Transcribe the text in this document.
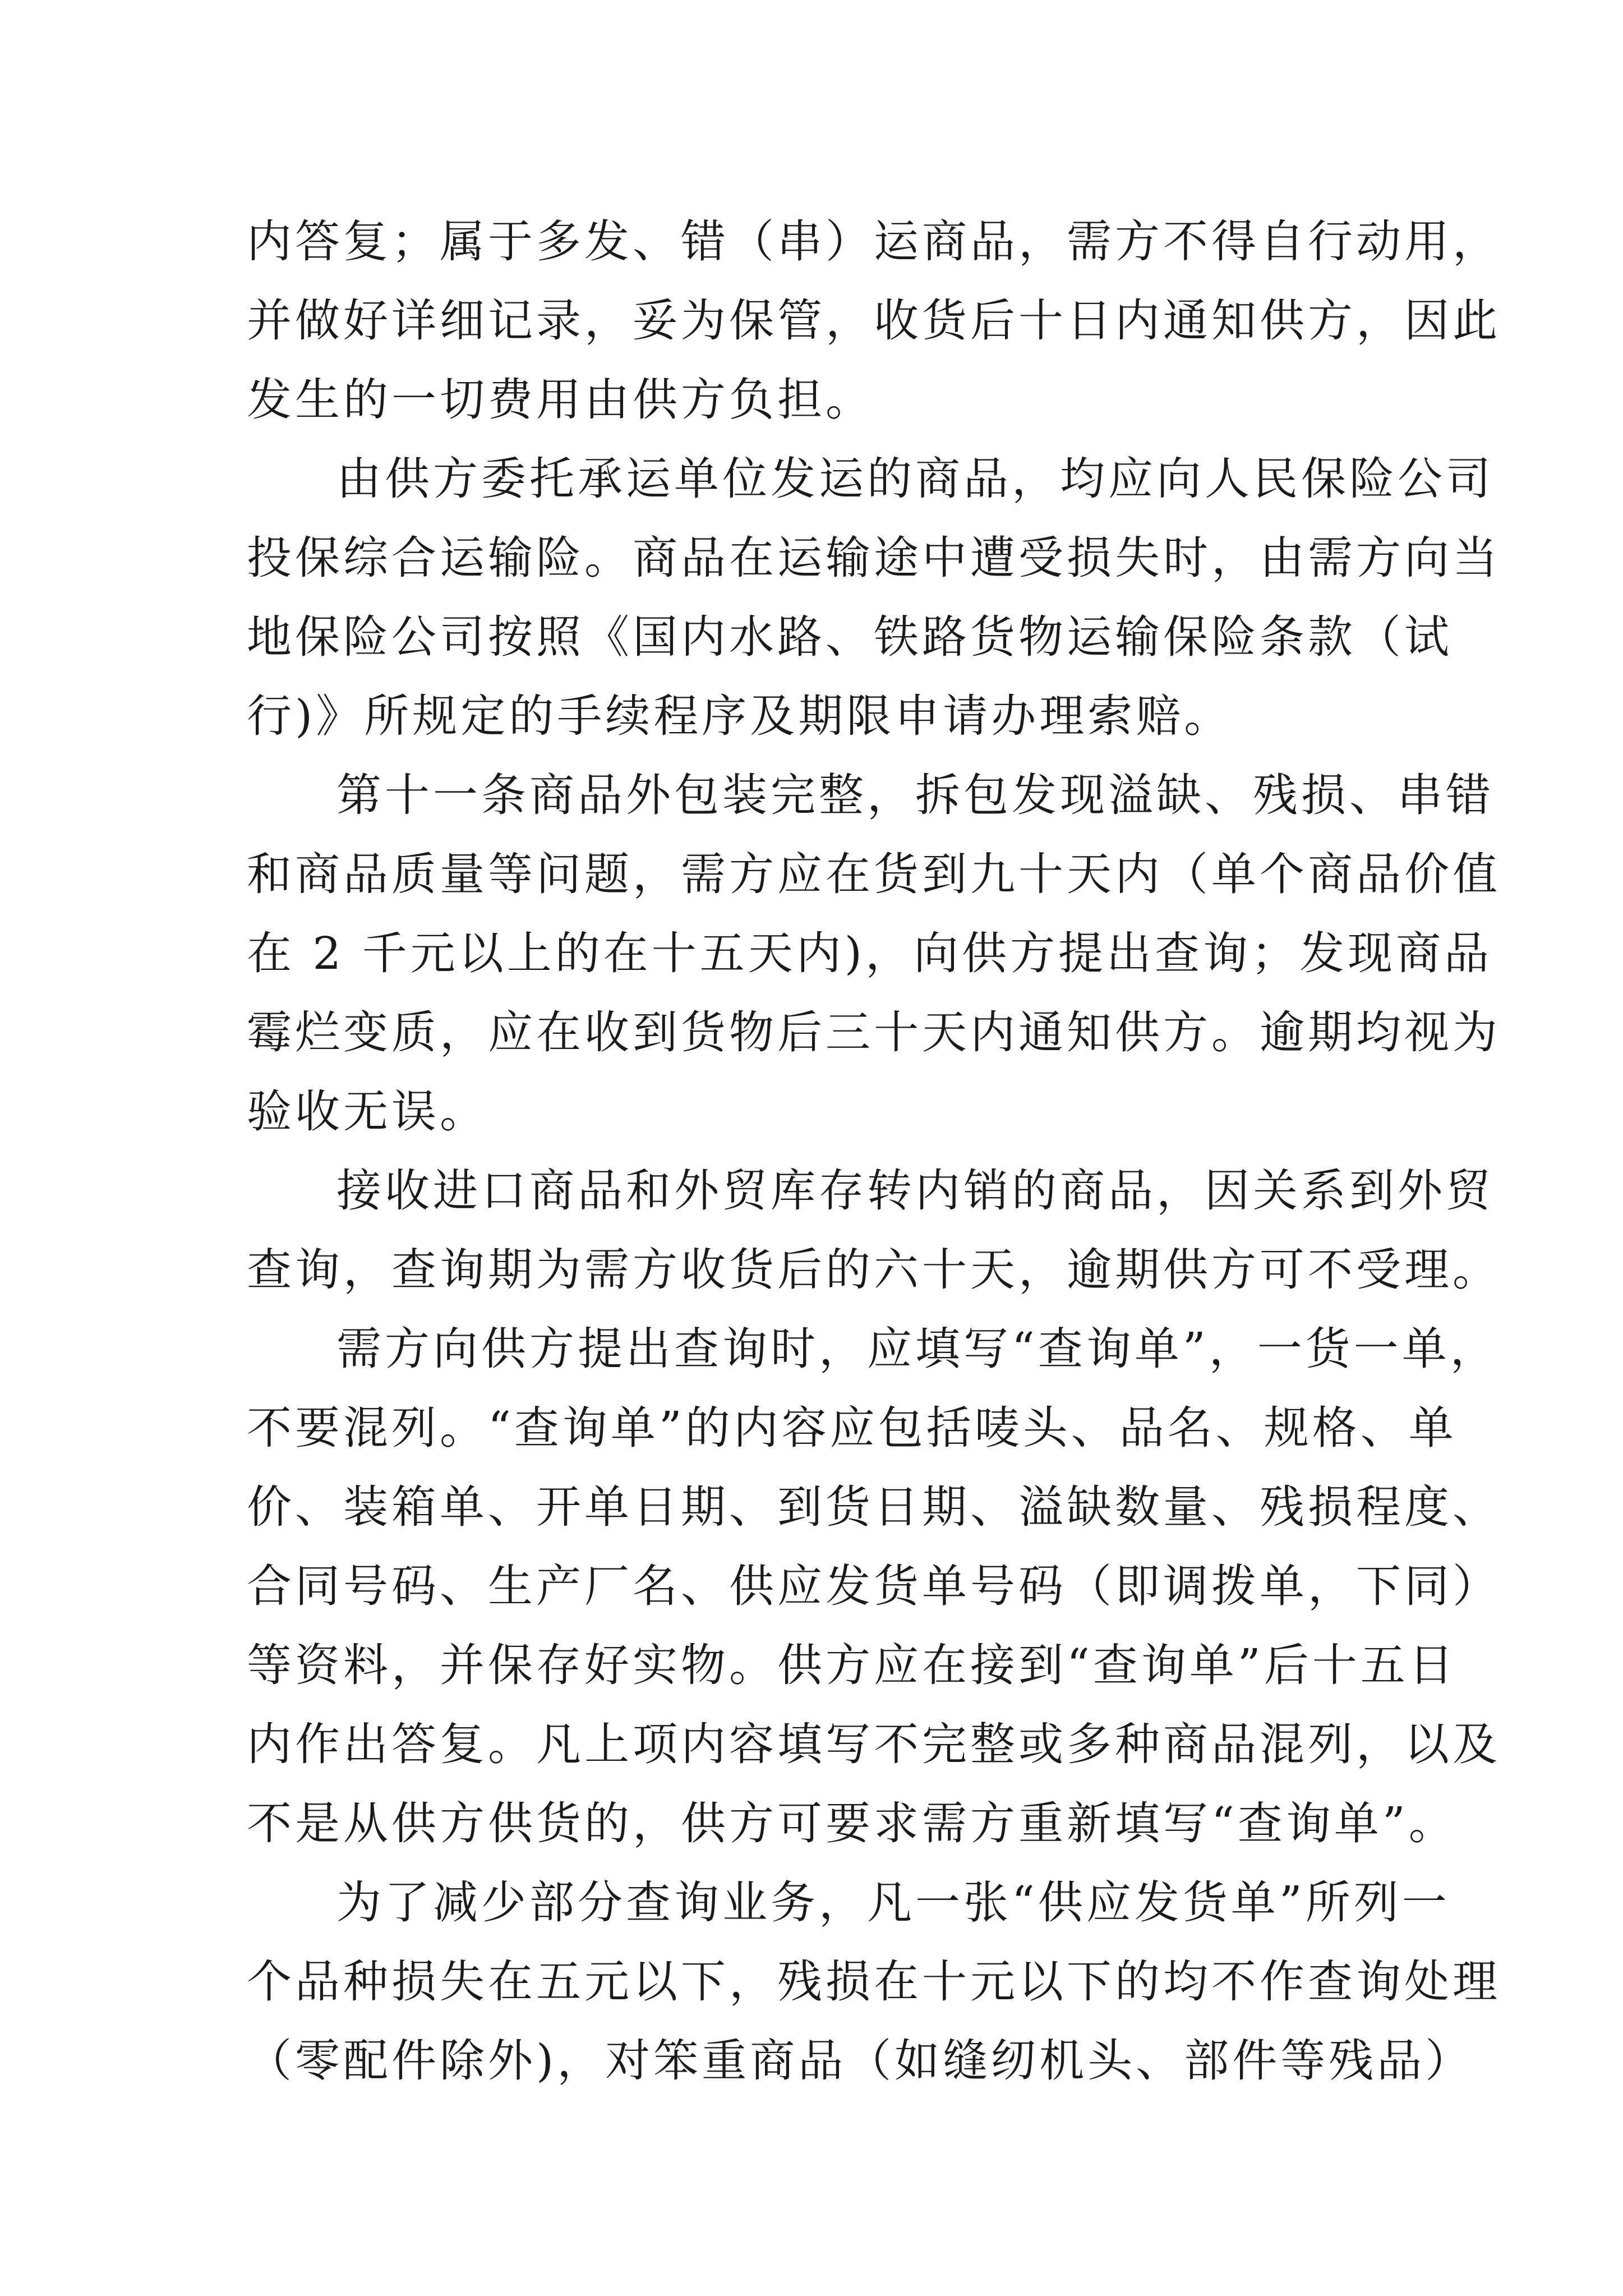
内答复；属于多发、错（串）运商品，需方不得自行动用，
并做好详细记录，妥为保管，收货后十日内通知供方，因此
发生的一切费用由供方负担。
由供方委托承运单位发运的商品，均应向人民保险公司
投保综合运输险。商品在运输途中遭受损失时，由需方向当
地保险公司按照《国内水路、铁路货物运输保险条款（试
行)》所规定的手续程序及期限申请办理索赔。
第十一条商品外包装完整，拆包发现溢缺、残损、串错
和商品质量等问题，需方应在货到九十天内（单个商品价值
在 2 千元以上的在十五天内)，向供方提出查询；发现商品
霉烂变质，应在收到货物后三十天内通知供方。逾期均视为
验收无误。
接收进口商品和外贸库存转内销的商品，因关系到外贸
查询，查询期为需方收货后的六十天，逾期供方可不受理。
需方向供方提出查询时，应填写“查询单”，一货一单，
不要混列。“查询单”的内容应包括唛头、品名、规格、单
价、装箱单、开单日期、到货日期、溢缺数量、残损程度、
合同号码、生产厂名、供应发货单号码（即调拨单，下同）
等资料，并保存好实物。供方应在接到“查询单”后十五日
内作出答复。凡上项内容填写不完整或多种商品混列，以及
不是从供方供货的，供方可要求需方重新填写“查询单”。
为了减少部分查询业务，凡一张“供应发货单”所列一
个品种损失在五元以下，残损在十元以下的均不作查询处理
（零配件除外)，对笨重商品（如缝纫机头、部件等残品）
